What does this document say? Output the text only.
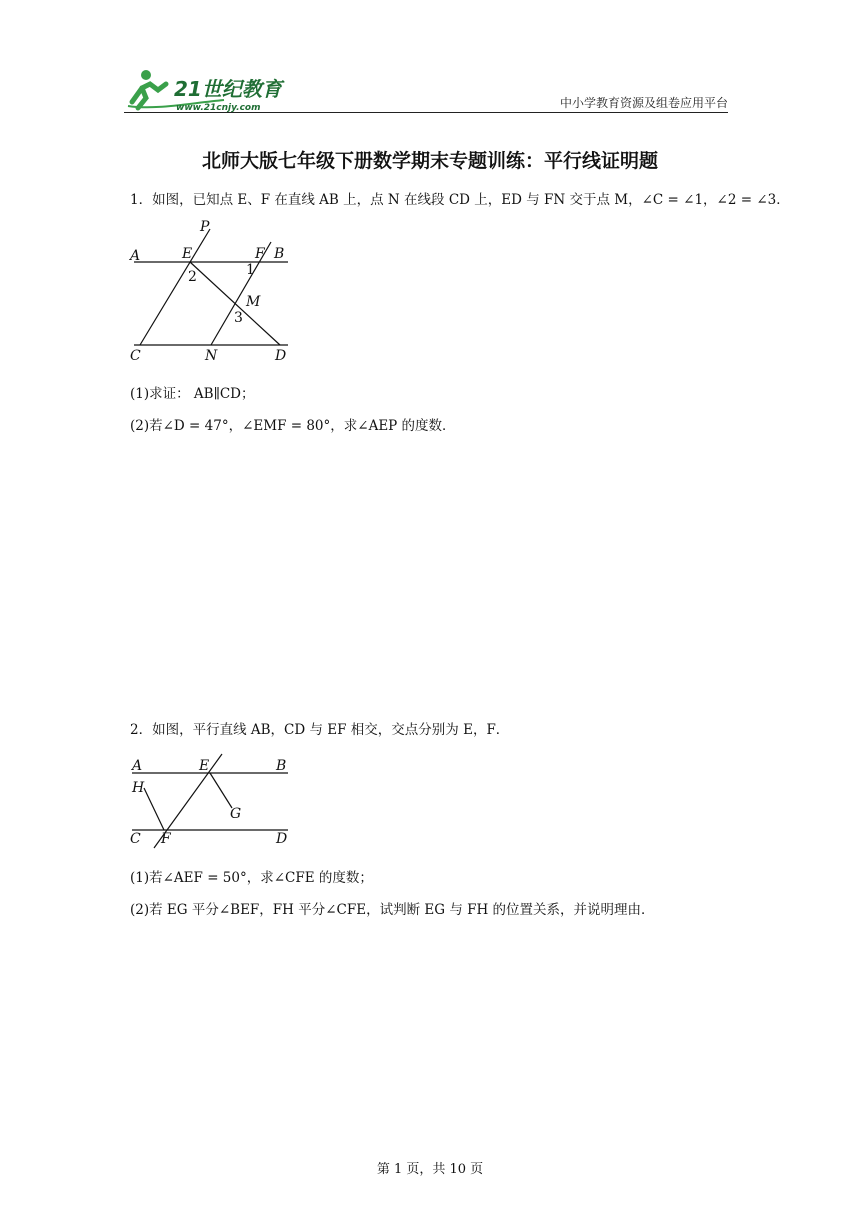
21世纪教育
www.21cnjy.com	中小学教育资源及组卷应用平台
北师大版七年级下册数学期末专题训练：平行线证明题
1．如图，已知点 E、F 在直线 AB 上，点 N 在线段 CD 上，ED 与 FN 交于点 M，∠C = ∠1，∠2 = ∠3．
P
A	E	F B
1
2
M
3
C	N	D
(1)求证： AB∥CD；
(2)若∠D = 47°，∠EMF = 80°，求∠AEP 的度数．
2．如图，平行直线 AB，CD 与 EF 相交，交点分别为 E，F．
A	E	B
H
G
C F	D
(1)若∠AEF = 50°，求∠CFE 的度数；
(2)若 EG 平分∠BEF，FH 平分∠CFE，试判断 EG 与 FH 的位置关系，并说明理由．
第 1 页，共 10 页
